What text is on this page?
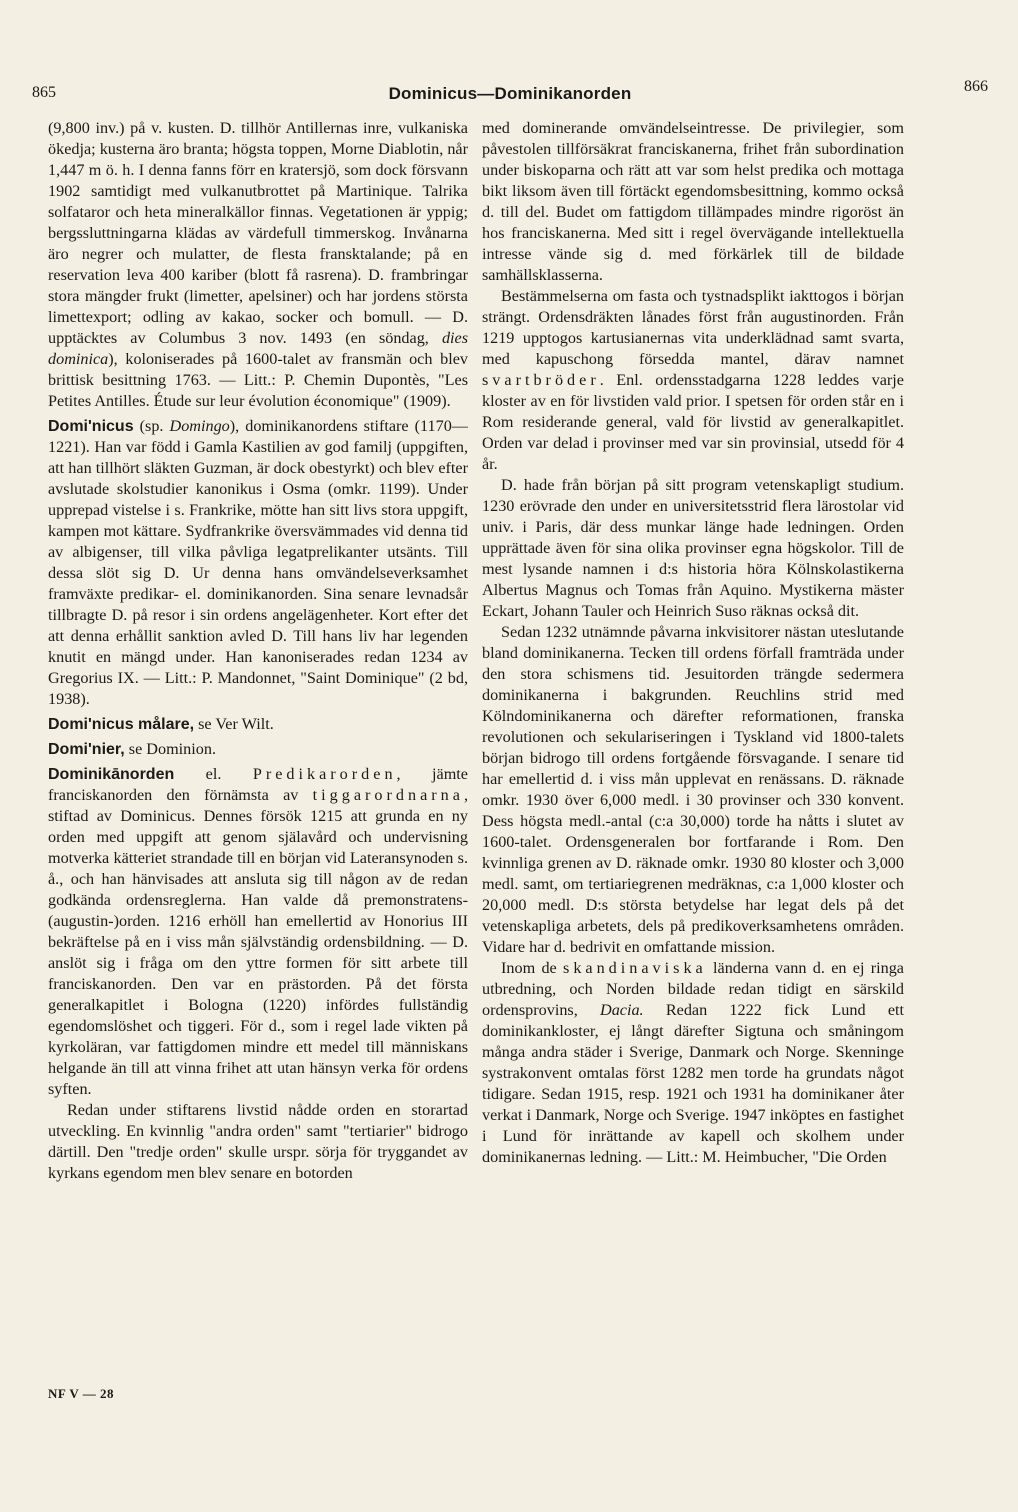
865	Dominicus—Dominikanorden	866

(9,800 inv.) på v. kusten. D. tillhör Antillernas inre, vulkaniska ökedja; kusterna äro branta; högsta toppen, Morne Diablotin, når 1,447 m ö. h. I denna fanns förr en kratersjö, som dock försvann 1902 samtidigt med vulkanutbrottet på Martinique. Talrika solfataror och heta mineralkällor finnas. Vegetationen är yppig; bergssluttningarna klädas av värdefull timmerskog. Invånarna äro negrer och mulatter, de flesta fransktalande; på en reservation leva 400 kariber (blott få rasrena). D. frambringar stora mängder frukt (limetter, apelsiner) och har jordens största limettexport; odling av kakao, socker och bomull. — D. upptäcktes av Columbus 3 nov. 1493 (en söndag, dies dominica), koloniserades på 1600-talet av fransmän och blev brittisk besittning 1763. — Litt.: P. Chemin Dupontès, "Les Petites Antilles. Étude sur leur évolution économique" (1909).

Domi'nicus (sp. Domingo), dominikanordens stiftare (1170—1221). Han var född i Gamla Kastilien av god familj (uppgiften, att han tillhört släkten Guzman, är dock obestyrkt) och blev efter avslutade skolstudier kanonikus i Osma (omkr. 1199). Under upprepad vistelse i s. Frankrike, mötte han sitt livs stora uppgift, kampen mot kättare. Sydfrankrike översvämmades vid denna tid av albigenser, till vilka påvliga legatprelikanter utsänts. Till dessa slöt sig D. Ur denna hans omvändelseverksamhet framväxte predikar- el. dominikanorden. Sina senare levnadsår tillbragte D. på resor i sin ordens angelägenheter. Kort efter det att denna erhållit sanktion avled D. Till hans liv har legenden knutit en mängd under. Han kanoniserades redan 1234 av Gregorius IX. — Litt.: P. Mandonnet, "Saint Dominique" (2 bd, 1938).

Domi'nicus målare, se Ver Wilt.

Domi'nier, se Dominion.

Dominikānorden el. Predikarorden, jämte franciskanorden den förnämsta av tiggarordnarna, stiftad av Dominicus. Dennes försök 1215 att grunda en ny orden med uppgift att genom själavård och undervisning motverka kätteriet strandade till en början vid Lateransynoden s. å., och han hänvisades att ansluta sig till någon av de redan godkända ordensreglerna. Han valde då premonstratens- (augustin-)orden. 1216 erhöll han emellertid av Honorius III bekräftelse på en i viss mån självständig ordensbildning. — D. anslöt sig i fråga om den yttre formen för sitt arbete till franciskanorden. Den var en prästorden. På det första generalkapitlet i Bologna (1220) infördes fullständig egendomslöshet och tiggeri. För d., som i regel lade vikten på kyrkoläran, var fattigdomen mindre ett medel till människans helgande än till att vinna frihet att utan hänsyn verka för ordens syften.

Redan under stiftarens livstid nådde orden en storartad utveckling. En kvinnlig "andra orden" samt "tertiarier" bidrogo därtill. Den "tredje orden" skulle urspr. sörja för tryggandet av kyrkans egendom men blev senare en botorden

med dominerande omvändelseintresse. De privilegier, som påvestolen tillförsäkrat franciskanerna, frihet från subordination under biskoparna och rätt att var som helst predika och mottaga bikt liksom även till förtäckt egendomsbesittning, kommo också d. till del. Budet om fattigdom tillämpades mindre rigoröst än hos franciskanerna. Med sitt i regel övervägande intellektuella intresse vände sig d. med förkärlek till de bildade samhällsklasserna.

Bestämmelserna om fasta och tystnadsplikt iakttogos i början strängt. Ordensdräkten lånades först från augustinorden. Från 1219 upptogos kartusianernas vita underklädnad samt svarta, med kapuschong försedda mantel, därav namnet svartbröder. Enl. ordensstadgarna 1228 leddes varje kloster av en för livstiden vald prior. I spetsen för orden står en i Rom residerande general, vald för livstid av generalkapitlet. Orden var delad i provinser med var sin provinsial, utsedd för 4 år.

D. hade från början på sitt program vetenskapligt studium. 1230 erövrade den under en universitetsstrid flera lärostolar vid univ. i Paris, där dess munkar länge hade ledningen. Orden upprättade även för sina olika provinser egna högskolor. Till de mest lysande namnen i d:s historia höra Kölnskolastikerna Albertus Magnus och Tomas från Aquino. Mystikerna mäster Eckart, Johann Tauler och Heinrich Suso räknas också dit.

Sedan 1232 utnämnde påvarna inkvisitorer nästan uteslutande bland dominikanerna. Tecken till ordens förfall framträda under den stora schismens tid. Jesuitorden trängde sedermera dominikanerna i bakgrunden. Reuchlins strid med Kölndominikanerna och därefter reformationen, franska revolutionen och sekulariseringen i Tyskland vid 1800-talets början bidrogo till ordens fortgående försvagande. I senare tid har emellertid d. i viss mån upplevat en renässans. D. räknade omkr. 1930 över 6,000 medl. i 30 provinser och 330 konvent. Dess högsta medl.-antal (c:a 30,000) torde ha nåtts i slutet av 1600-talet. Ordensgeneralen bor fortfarande i Rom. Den kvinnliga grenen av D. räknade omkr. 1930 80 kloster och 3,000 medl. samt, om tertiariegrenen medräknas, c:a 1,000 kloster och 20,000 medl. D:s största betydelse har legat dels på det vetenskapliga arbetets, dels på predikoverksamhetens områden. Vidare har d. bedrivit en omfattande mission.

Inom de skandinaviska länderna vann d. en ej ringa utbredning, och Norden bildade redan tidigt en särskild ordensprovins, Dacia. Redan 1222 fick Lund ett dominikankloster, ej långt därefter Sigtuna och småningom många andra städer i Sverige, Danmark och Norge. Skenninge systrakonvent omtalas först 1282 men torde ha grundats något tidigare. Sedan 1915, resp. 1921 och 1931 ha dominikaner åter verkat i Danmark, Norge och Sverige. 1947 inköptes en fastighet i Lund för inrättande av kapell och skolhem under dominikanernas ledning. — Litt.: M. Heimbucher, "Die Orden

NF V — 28
